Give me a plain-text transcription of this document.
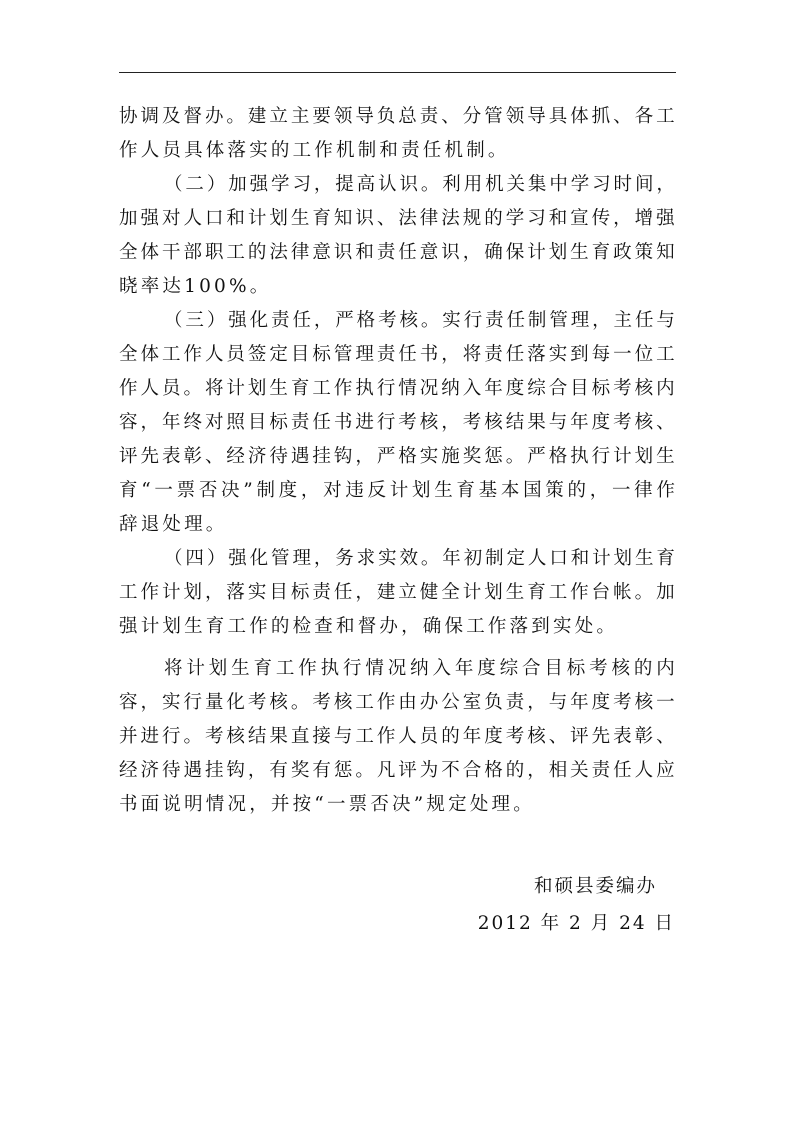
协 调 及 督 办 。 建 立 主 要 领 导 负 总 责 、 分 管 领 导 具 体 抓 、 各 工
作人员具体落实的工作机制和责任机制。
（ 二 ） 加 强 学 习 ， 提 高 认 识 。 利 用 机 关 集 中 学 习 时 间 ，
加 强 对 人 口 和 计 划 生 育 知 识 、 法 律 法 规 的 学 习 和 宣 传 ， 增 强
全 体 干 部 职 工 的 法 律 意 识 和 责 任 意 识 ， 确 保 计 划 生 育 政 策 知
晓率达100%。
（ 三 ） 强 化 责 任 ， 严 格 考 核 。 实 行 责 任 制 管 理 ， 主 任 与
全 体 工 作 人 员 签 定 目 标 管 理 责 任 书 ， 将 责 任 落 实 到 每 一 位 工
作 人 员 。 将 计 划 生 育 工 作 执 行 情 况 纳 入 年 度 综 合 目 标 考 核 内
容 ， 年 终 对 照 目 标 责 任 书 进 行 考 核 ， 考 核 结 果 与 年 度 考 核 、
评 先 表 彰 、 经 济 待 遇 挂 钩 ， 严 格 实 施 奖 惩 。 严 格 执 行 计 划 生
育 “ 一 票 否 决 ” 制 度 ， 对 违 反 计 划 生 育 基 本 国 策 的 ， 一 律 作
辞退处理。
（ 四 ） 强 化 管 理 ， 务 求 实 效 。 年 初 制 定 人 口 和 计 划 生 育
工 作 计 划 ， 落 实 目 标 责 任 ， 建 立 健 全 计 划 生 育 工 作 台 帐 。 加
强计划生育工作的检查和督办，确保工作落到实处。
将 计 划 生 育 工 作 执 行 情 况 纳 入 年 度 综 合 目 标 考 核 的 内
容 ， 实 行 量 化 考 核 。 考 核 工 作 由 办 公 室 负 责 ， 与 年 度 考 核 一
并 进 行 。 考 核 结 果 直 接 与 工 作 人 员 的 年 度 考 核 、 评 先 表 彰 、
经 济 待 遇 挂 钩 ， 有 奖 有 惩 。 凡 评 为 不 合 格 的 ， 相 关 责 任 人 应
书面说明情况，并按“一票否决”规定处理。
和硕县委编办
2012 年 2 月 24 日
